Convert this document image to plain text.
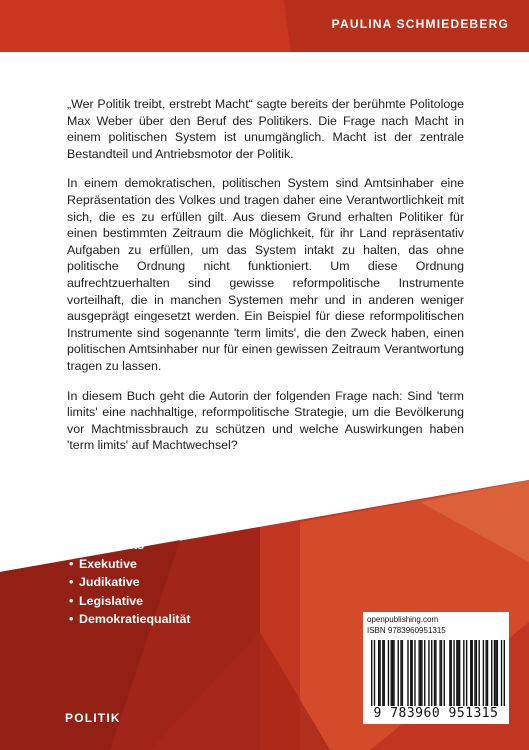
PAULINA SCHMIEDEBERG

„Wer Politik treibt, erstrebt Macht“ sagte bereits der berühmte Politologe Max Weber über den Beruf des Politikers. Die Frage nach Macht in einem politischen System ist unumgänglich. Macht ist der zentrale Bestandteil und Antriebsmotor der Politik.

In einem demokratischen, politischen System sind Amtsinhaber eine Repräsentation des Volkes und tragen daher eine Verantwortlichkeit mit sich, die es zu erfüllen gilt. Aus diesem Grund erhalten Politiker für einen bestimmten Zeitraum die Möglichkeit, für ihr Land repräsentativ Aufgaben zu erfüllen, um das System intakt zu halten, das ohne politische Ordnung nicht funktioniert. Um diese Ordnung aufrechtzuerhalten sind gewisse reformpolitische Instrumente vorteilhaft, die in manchen Systemen mehr und in anderen weniger ausgeprägt eingesetzt werden. Ein Beispiel für diese reformpolitischen Instrumente sind sogenannte 'term limits', die den Zweck haben, einen politischen Amtsinhaber nur für einen gewissen Zeitraum Verantwortung tragen zu lassen.

In diesem Buch geht die Autorin der folgenden Frage nach: Sind 'term limits' eine nachhaltige, reformpolitische Strategie, um die Bevölkerung vor Machtmissbrauch zu schützen und welche Auswirkungen haben 'term limits' auf Machtwechsel?

Aus dem Inhalt:
• Term limits
• Exekutive
• Judikative
• Legislative
• Demokratiequalität
POLITIK
openpublishing.com
ISBN 9783960951315
9 783960 951315
